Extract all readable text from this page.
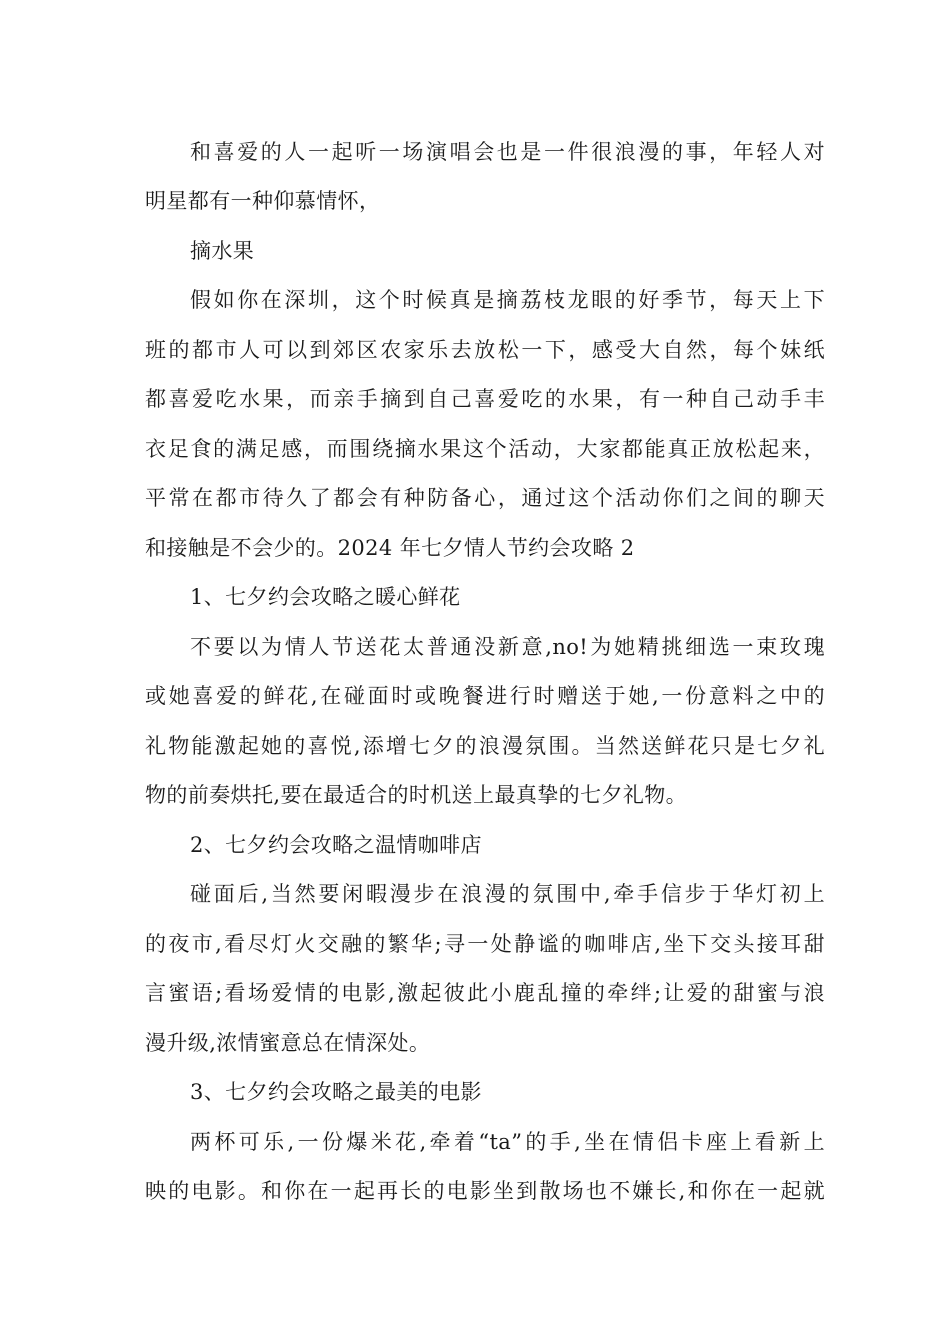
和喜爱的人一起听一场演唱会也是一件很浪漫的事，年轻人对
明星都有一种仰慕情怀，
摘水果
假如你在深圳，这个时候真是摘荔枝龙眼的好季节，每天上下
班的都市人可以到郊区农家乐去放松一下，感受大自然，每个妹纸
都喜爱吃水果，而亲手摘到自己喜爱吃的水果，有一种自己动手丰
衣足食的满足感，而围绕摘水果这个活动，大家都能真正放松起来，
平常在都市待久了都会有种防备心，通过这个活动你们之间的聊天
和接触是不会少的。2024 年七夕情人节约会攻略 2
1、七夕约会攻略之暖心鲜花
不要以为情人节送花太普通没新意,no!为她精挑细选一束玫瑰
或她喜爱的鲜花,在碰面时或晚餐进行时赠送于她,一份意料之中的
礼物能激起她的喜悦,添增七夕的浪漫氛围。当然送鲜花只是七夕礼
物的前奏烘托,要在最适合的时机送上最真挚的七夕礼物。
2、七夕约会攻略之温情咖啡店
碰面后,当然要闲暇漫步在浪漫的氛围中,牵手信步于华灯初上
的夜市,看尽灯火交融的繁华;寻一处静谧的咖啡店,坐下交头接耳甜
言蜜语;看场爱情的电影,激起彼此小鹿乱撞的牵绊;让爱的甜蜜与浪
漫升级,浓情蜜意总在情深处。
3、七夕约会攻略之最美的电影
两杯可乐,一份爆米花,牵着“ta”的手,坐在情侣卡座上看新上
映的电影。和你在一起再长的电影坐到散场也不嫌长,和你在一起就
